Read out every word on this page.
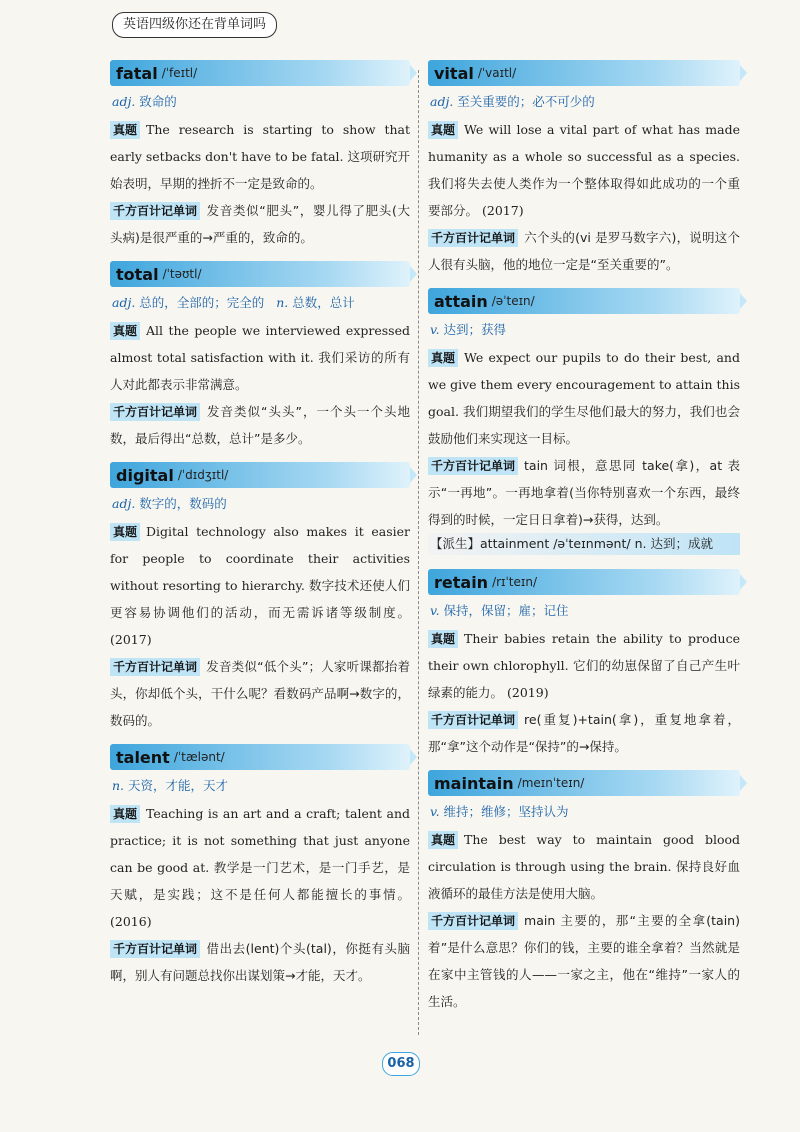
英语四级你还在背单词吗
fatal /ˈfeɪtl/
adj. 致命的

真题 The research is starting to show that early setbacks don't have to be fatal. 这项研究开始表明，早期的挫折不一定是致命的。

千方百计记单词 发音类似“肥头”，婴儿得了肥头(大头病)是很严重的→严重的，致命的。

total /ˈtəʊtl/
adj. 总的，全部的；完全的 n. 总数，总计

真题 All the people we interviewed expressed almost total satisfaction with it. 我们采访的所有人对此都表示非常满意。

千方百计记单词 发音类似“头头”，一个头一个头地数，最后得出“总数，总计”是多少。

digital /ˈdɪdʒɪtl/
adj. 数字的，数码的

真题 Digital technology also makes it easier for people to coordinate their activities without resorting to hierarchy. 数字技术还使人们更容易协调他们的活动，而无需诉诸等级制度。 (2017)

千方百计记单词 发音类似“低个头”；人家听课都抬着头，你却低个头，干什么呢？看数码产品啊→数字的，数码的。

talent /ˈtælənt/
n. 天资，才能，天才

真题 Teaching is an art and a craft; talent and practice; it is not something that just anyone can be good at. 教学是一门艺术，是一门手艺，是天赋，是实践；这不是任何人都能擅长的事情。 (2016)

千方百计记单词 借出去(lent)个头(tal)，你挺有头脑啊，别人有问题总找你出谋划策→才能，天才。

vital /ˈvaɪtl/
adj. 至关重要的；必不可少的

真题 We will lose a vital part of what has made humanity as a whole so successful as a species. 我们将失去使人类作为一个整体取得如此成功的一个重要部分。 (2017)

千方百计记单词 六个头的(vi 是罗马数字六)，说明这个人很有头脑，他的地位一定是“至关重要的”。

attain /əˈteɪn/
v. 达到；获得

真题 We expect our pupils to do their best, and we give them every encouragement to attain this goal. 我们期望我们的学生尽他们最大的努力，我们也会鼓励他们来实现这一目标。

千方百计记单词 tain 词根，意思同 take(拿)，at 表示“一再地”。一再地拿着(当你特别喜欢一个东西，最终得到的时候，一定日日拿着)→获得，达到。

【派生】attainment /əˈteɪnmənt/ n. 达到；成就
retain /rɪˈteɪn/
v. 保持，保留；雇；记住

真题 Their babies retain the ability to produce their own chlorophyll. 它们的幼崽保留了自己产生叶绿素的能力。 (2019)

千方百计记单词 re(重复)+tain(拿)，重复地拿着，那“拿”这个动作是“保持”的→保持。

maintain /meɪnˈteɪn/
v. 维持；维修；坚持认为

真题 The best way to maintain good blood circulation is through using the brain. 保持良好血液循环的最佳方法是使用大脑。

千方百计记单词 main 主要的，那“主要的全拿(tain)着”是什么意思？你们的钱，主要的谁全拿着？当然就是在家中主管钱的人——一家之主，他在“维持”一家人的生活。

068
